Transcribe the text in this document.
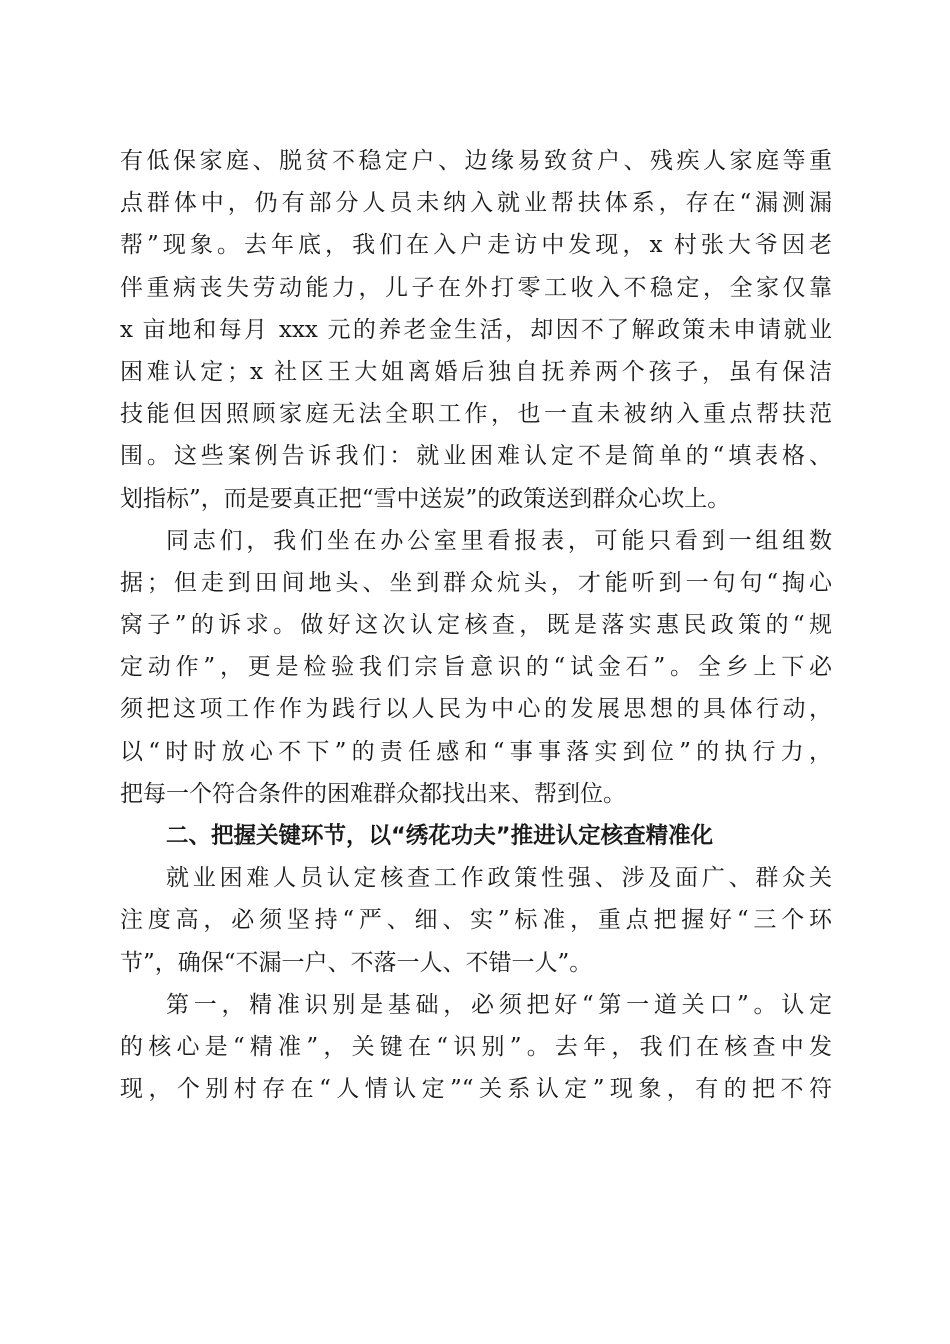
有低保家庭、脱贫不稳定户、边缘易致贫户、残疾人家庭等重
点群体中，仍有部分人员未纳入就业帮扶体系，存在“漏测漏
帮”现象。去年底，我们在入户走访中发现，x 村张大爷因老
伴重病丧失劳动能力，儿子在外打零工收入不稳定，全家仅靠
x 亩地和每月 xxx 元的养老金生活，却因不了解政策未申请就业
困难认定；x 社区王大姐离婚后独自抚养两个孩子，虽有保洁
技能但因照顾家庭无法全职工作，也一直未被纳入重点帮扶范
围。这些案例告诉我们：就业困难认定不是简单的“填表格、
划指标”，而是要真正把“雪中送炭”的政策送到群众心坎上。
同志们，我们坐在办公室里看报表，可能只看到一组组数
据；但走到田间地头、坐到群众炕头，才能听到一句句“掏心
窝子”的诉求。做好这次认定核查，既是落实惠民政策的“规
定动作”，更是检验我们宗旨意识的“试金石”。全乡上下必
须把这项工作作为践行以人民为中心的发展思想的具体行动，
以“时时放心不下”的责任感和“事事落实到位”的执行力，
把每一个符合条件的困难群众都找出来、帮到位。
二、把握关键环节，以“绣花功夫”推进认定核查精准化
就业困难人员认定核查工作政策性强、涉及面广、群众关
注度高，必须坚持“严、细、实”标准，重点把握好“三个环
节”，确保“不漏一户、不落一人、不错一人”。
第一，精准识别是基础，必须把好“第一道关口”。认定
的核心是“精准”，关键在“识别”。去年，我们在核查中发
现，个别村存在“人情认定”“关系认定”现象，有的把不符
